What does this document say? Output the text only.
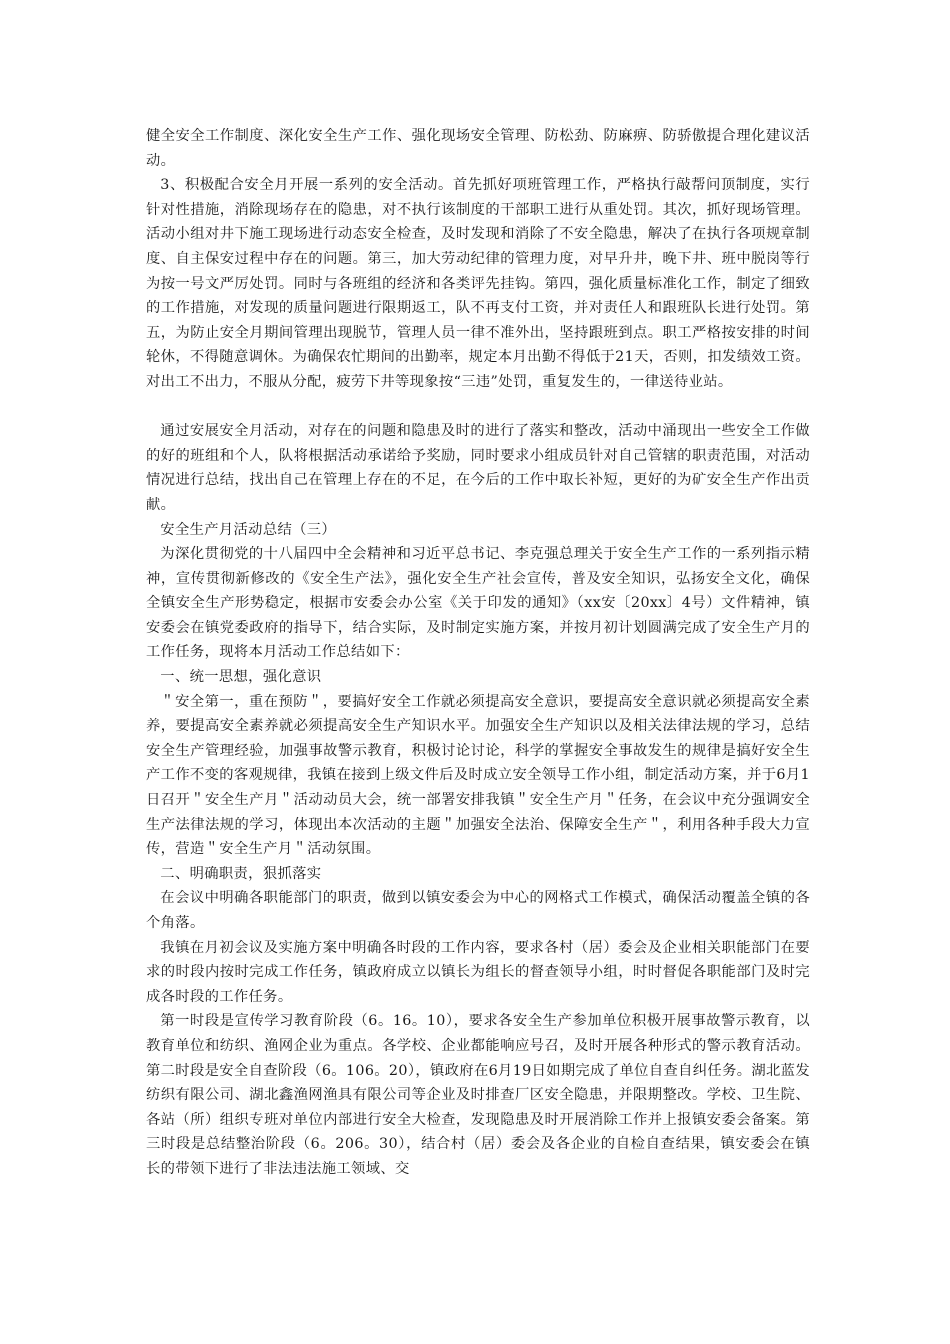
健全安全工作制度、深化安全生产工作、强化现场安全管理、防松劲、防麻痹、防骄傲提合理化建议活动。

3、积极配合安全月开展一系列的安全活动。首先抓好项班管理工作，严格执行敲帮问顶制度，实行针对性措施，消除现场存在的隐患，对不执行该制度的干部职工进行从重处罚。其次，抓好现场管理。活动小组对井下施工现场进行动态安全检查，及时发现和消除了不安全隐患，解决了在执行各项规章制度、自主保安过程中存在的问题。第三，加大劳动纪律的管理力度，对早升井，晚下井、班中脱岗等行为按一号文严厉处罚。同时与各班组的经济和各类评先挂钩。第四，强化质量标准化工作，制定了细致的工作措施，对发现的质量问题进行限期返工，队不再支付工资，并对责任人和跟班队长进行处罚。第五，为防止安全月期间管理出现脱节，管理人员一律不准外出，坚持跟班到点。职工严格按安排的时间轮休，不得随意调休。为确保农忙期间的出勤率，规定本月出勤不得低于21天，否则，扣发绩效工资。对出工不出力，不服从分配，疲劳下井等现象按“三违”处罚，重复发生的，一律送待业站。

通过安展安全月活动，对存在的问题和隐患及时的进行了落实和整改，活动中涌现出一些安全工作做的好的班组和个人，队将根据活动承诺给予奖励，同时要求小组成员针对自己管辖的职责范围，对活动情况进行总结，找出自己在管理上存在的不足，在今后的工作中取长补短，更好的为矿安全生产作出贡献。

安全生产月活动总结（三）

为深化贯彻党的十八届四中全会精神和习近平总书记、李克强总理关于安全生产工作的一系列指示精神，宣传贯彻新修改的《安全生产法》，强化安全生产社会宣传，普及安全知识，弘扬安全文化，确保全镇安全生产形势稳定，根据市安委会办公室《关于印发的通知》（xx安〔20xx〕4号）文件精神，镇安委会在镇党委政府的指导下，结合实际，及时制定实施方案，并按月初计划圆满完成了安全生产月的工作任务，现将本月活动工作总结如下：

一、统一思想，强化意识

＂安全第一，重在预防＂，要搞好安全工作就必须提高安全意识，要提高安全意识就必须提高安全素养，要提高安全素养就必须提高安全生产知识水平。加强安全生产知识以及相关法律法规的学习，总结安全生产管理经验，加强事故警示教育，积极讨论讨论，科学的掌握安全事故发生的规律是搞好安全生产工作不变的客观规律，我镇在接到上级文件后及时成立安全领导工作小组，制定活动方案，并于6月1日召开＂安全生产月＂活动动员大会，统一部署安排我镇＂安全生产月＂任务，在会议中充分强调安全生产法律法规的学习，体现出本次活动的主题＂加强安全法治、保障安全生产＂，利用各种手段大力宣传，营造＂安全生产月＂活动氛围。

二、明确职责，狠抓落实

在会议中明确各职能部门的职责，做到以镇安委会为中心的网格式工作模式，确保活动覆盖全镇的各个角落。

我镇在月初会议及实施方案中明确各时段的工作内容，要求各村（居）委会及企业相关职能部门在要求的时段内按时完成工作任务，镇政府成立以镇长为组长的督查领导小组，时时督促各职能部门及时完成各时段的工作任务。

第一时段是宣传学习教育阶段（6。16。10），要求各安全生产参加单位积极开展事故警示教育，以教育单位和纺织、渔网企业为重点。各学校、企业都能响应号召，及时开展各种形式的警示教育活动。第二时段是安全自查阶段（6。106。20），镇政府在6月19日如期完成了单位自查自纠任务。湖北蓝发纺织有限公司、湖北鑫渔网渔具有限公司等企业及时排查厂区安全隐患，并限期整改。学校、卫生院、各站（所）组织专班对单位内部进行安全大检查，发现隐患及时开展消除工作并上报镇安委会备案。第三时段是总结整治阶段（6。206。30），结合村（居）委会及各企业的自检自查结果，镇安委会在镇长的带领下进行了非法违法施工领域、交
